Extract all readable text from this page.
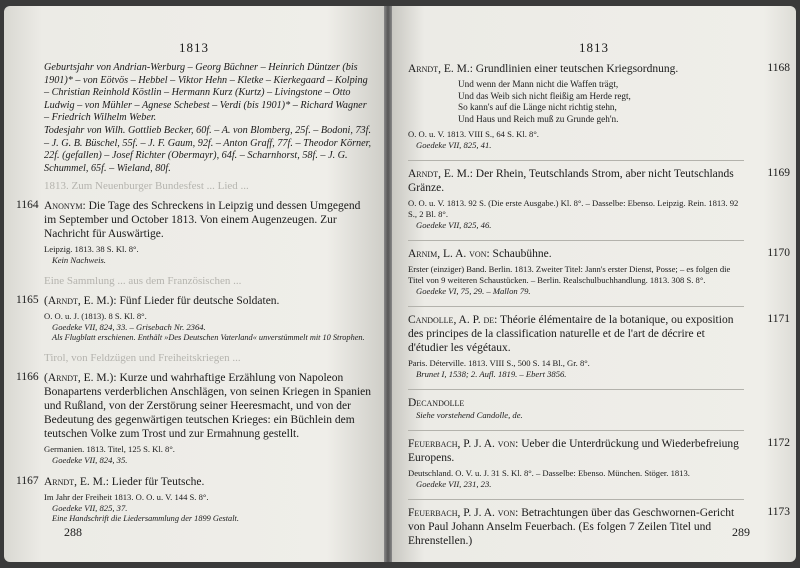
1813
Geburtsjahr von Andrian-Werburg – Georg Büchner – Heinrich Düntzer (bis 1901)* – von Eötvös – Hebbel – Viktor Hehn – Kletke – Kierkegaard – Kolping – Christian Reinhold Köstlin – Hermann Kurz (Kurtz) – Livingstone – Otto Ludwig – von Mühler – Agnese Schebest – Verdi (bis 1901)* – Richard Wagner – Friedrich Wilhelm Weber.
Todesjahr von Wilh. Gottlieb Becker, 60f. – A. von Blomberg, 25f. – Bodoni, 73f. – J. G. B. Büschel, 55f. – J. F. Gaum, 92f. – Anton Graff, 77f. – Theodor Körner, 22f. (gefallen) – Josef Richter (Obermayr), 64f. – Scharnhorst, 58f. – J. G. Schummel, 65f. – Wieland, 80f.
1813. Zum Neuenburger Bundesfest ... Lied ...
1164 Anonym: Die Tage des Schreckens in Leipzig und dessen Umgegend im September und October 1813. Von einem Augenzeugen. Zur Nachricht für Auswärtige.
Leipzig. 1813. 38 S. Kl. 8°.
Kein Nachweis.
Eine Sammlung ... aus dem Französischen ...
1165 (Arndt, E. M.): Fünf Lieder für deutsche Soldaten.
O. O. u. J. (1813). 8 S. Kl. 8°.
Goedeke VII, 824, 33. – Grisebach Nr. 2364.
Als Flugblatt erschienen. Enthält »Des Deutschen Vaterland« unverstümmelt mit 10 Strophen.
Tirol, von Feldzügen und Freiheitskriegen ...
1166 (Arndt, E. M.): Kurze und wahrhaftige Erzählung von Napoleon Bonapartens verderblichen Anschlägen, von seinen Kriegen in Spanien und Rußland, von der Zerstörung seiner Heeresmacht, und von der Bedeutung des gegenwärtigen teutschen Krieges: ein Büchlein dem teutschen Volke zum Trost und zur Ermahnung gestellt.
Germanien. 1813. Titel, 125 S. Kl. 8°.
Goedeke VII, 824, 35.
1167 Arndt, E. M.: Lieder für Teutsche.
Im Jahr der Freiheit 1813. O. O. u. V. 144 S. 8°.
Goedeke VII, 825, 37.
Eine Handschrift die Liedersammlung der 1899 Gestalt.
288
1813
1168
Arndt, E. M.: Grundlinien einer teutschen Kriegsordnung.
Und wenn der Mann nicht die Waffen trägt,
Und das Weib sich nicht fleißig am Herde regt,
So kann's auf die Länge nicht richtig stehn,
Und Haus und Reich muß zu Grunde geh'n.
O. O. u. V. 1813. VIII S., 64 S. Kl. 8°.
Goedeke VII, 825, 41.
1169
Arndt, E. M.: Der Rhein, Teutschlands Strom, aber nicht Teutschlands Gränze.
O. O. u. V. 1813. 92 S. (Die erste Ausgabe.) Kl. 8°. – Dasselbe: Ebenso. Leipzig. Rein. 1813. 92 S., 2 Bl. 8°.
Goedeke VII, 825, 46.
1170
Arnim, L. A. von: Schaubühne.
Erster (einziger) Band. Berlin. 1813. Zweiter Titel: Jann's erster Dienst, Posse; – es folgen die Titel von 9 weiteren Schaustücken. – Berlin. Realschulbuchhandlung. 1813. 308 S. 8°.
Goedeke VI, 75, 29. – Mallon 79.
1171
Candolle, A. P. de: Théorie élémentaire de la botanique, ou exposition des principes de la classification naturelle et de l'art de décrire et d'étudier les végétaux.
Paris. Déterville. 1813. VIII S., 500 S. 14 Bl., Gr. 8°.
Brunet I, 1538; 2. Aufl. 1819. – Ebert 3856.
Decandolle
Siehe vorstehend Candolle, de.
1172
Feuerbach, P. J. A. von: Ueber die Unterdrückung und Wiederbefreiung Europens.
Deutschland. O. V. u. J. 31 S. Kl. 8°. – Dasselbe: Ebenso. München. Stöger. 1813.
Goedeke VII, 231, 23.
1173
Feuerbach, P. J. A. von: Betrachtungen über das Geschwornen-Gericht von Paul Johann Anselm Feuerbach. (Es folgen 7 Zeilen Titel und Ehrenstellen.)
289
